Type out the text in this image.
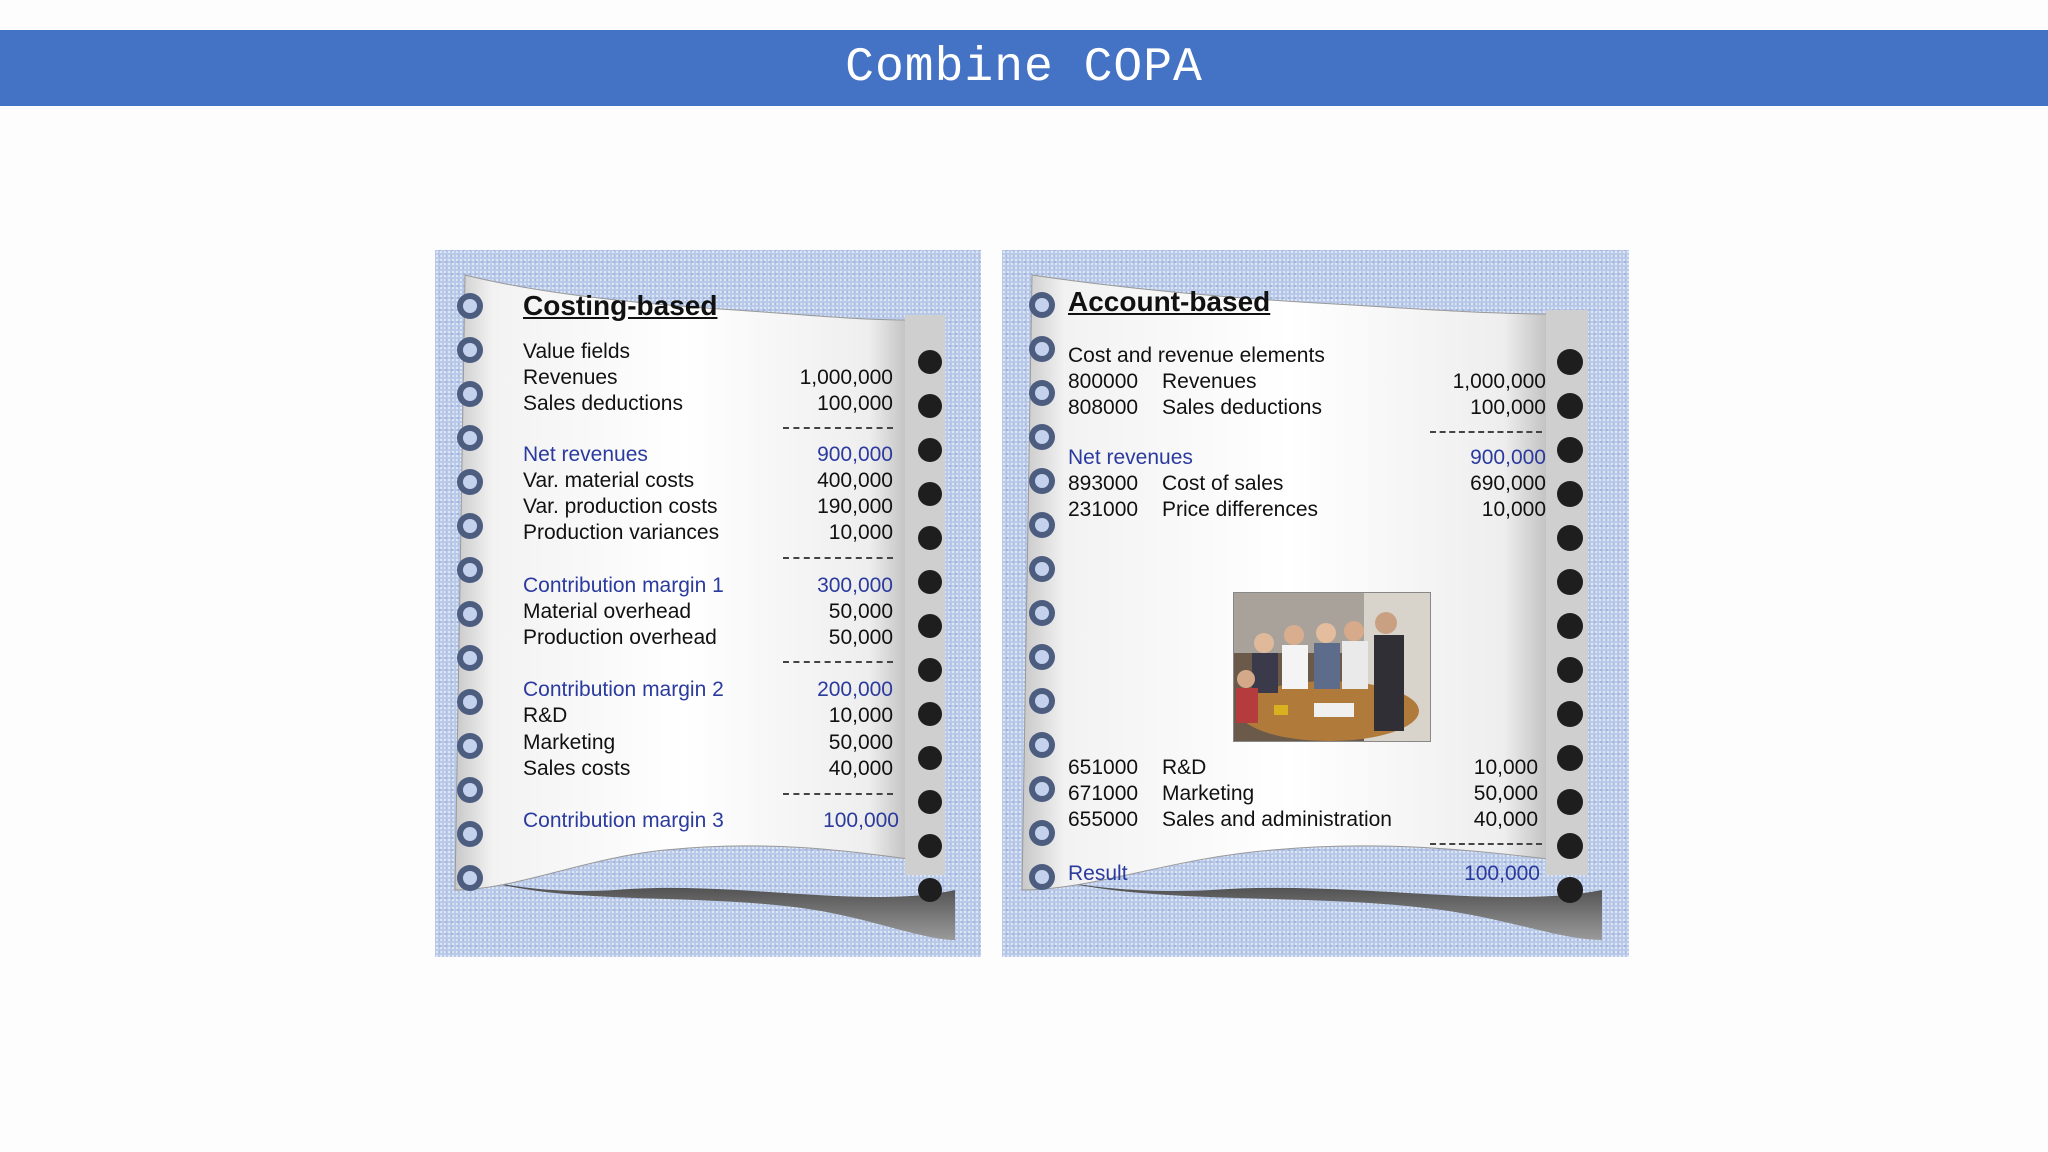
Combine COPA
Costing-based
Value fields
Revenues	1,000,000
Sales deductions	100,000
Net revenues	900,000
Var. material costs	400,000
Var. production costs	190,000
Production variances	10,000
Contribution margin 1	300,000
Material overhead	50,000
Production overhead	50,000
Contribution margin 2	200,000
R&D	10,000
Marketing	50,000
Sales costs	40,000
Contribution margin 3	100,000
Account-based
Cost and revenue elements
800000 Revenues	1,000,000
808000 Sales deductions	100,000
Net revenues	900,000
893000 Cost of sales	690,000
231000 Price differences	10,000
651000 R&D	10,000
671000 Marketing	50,000
655000 Sales and administration	40,000
Result	100,000
